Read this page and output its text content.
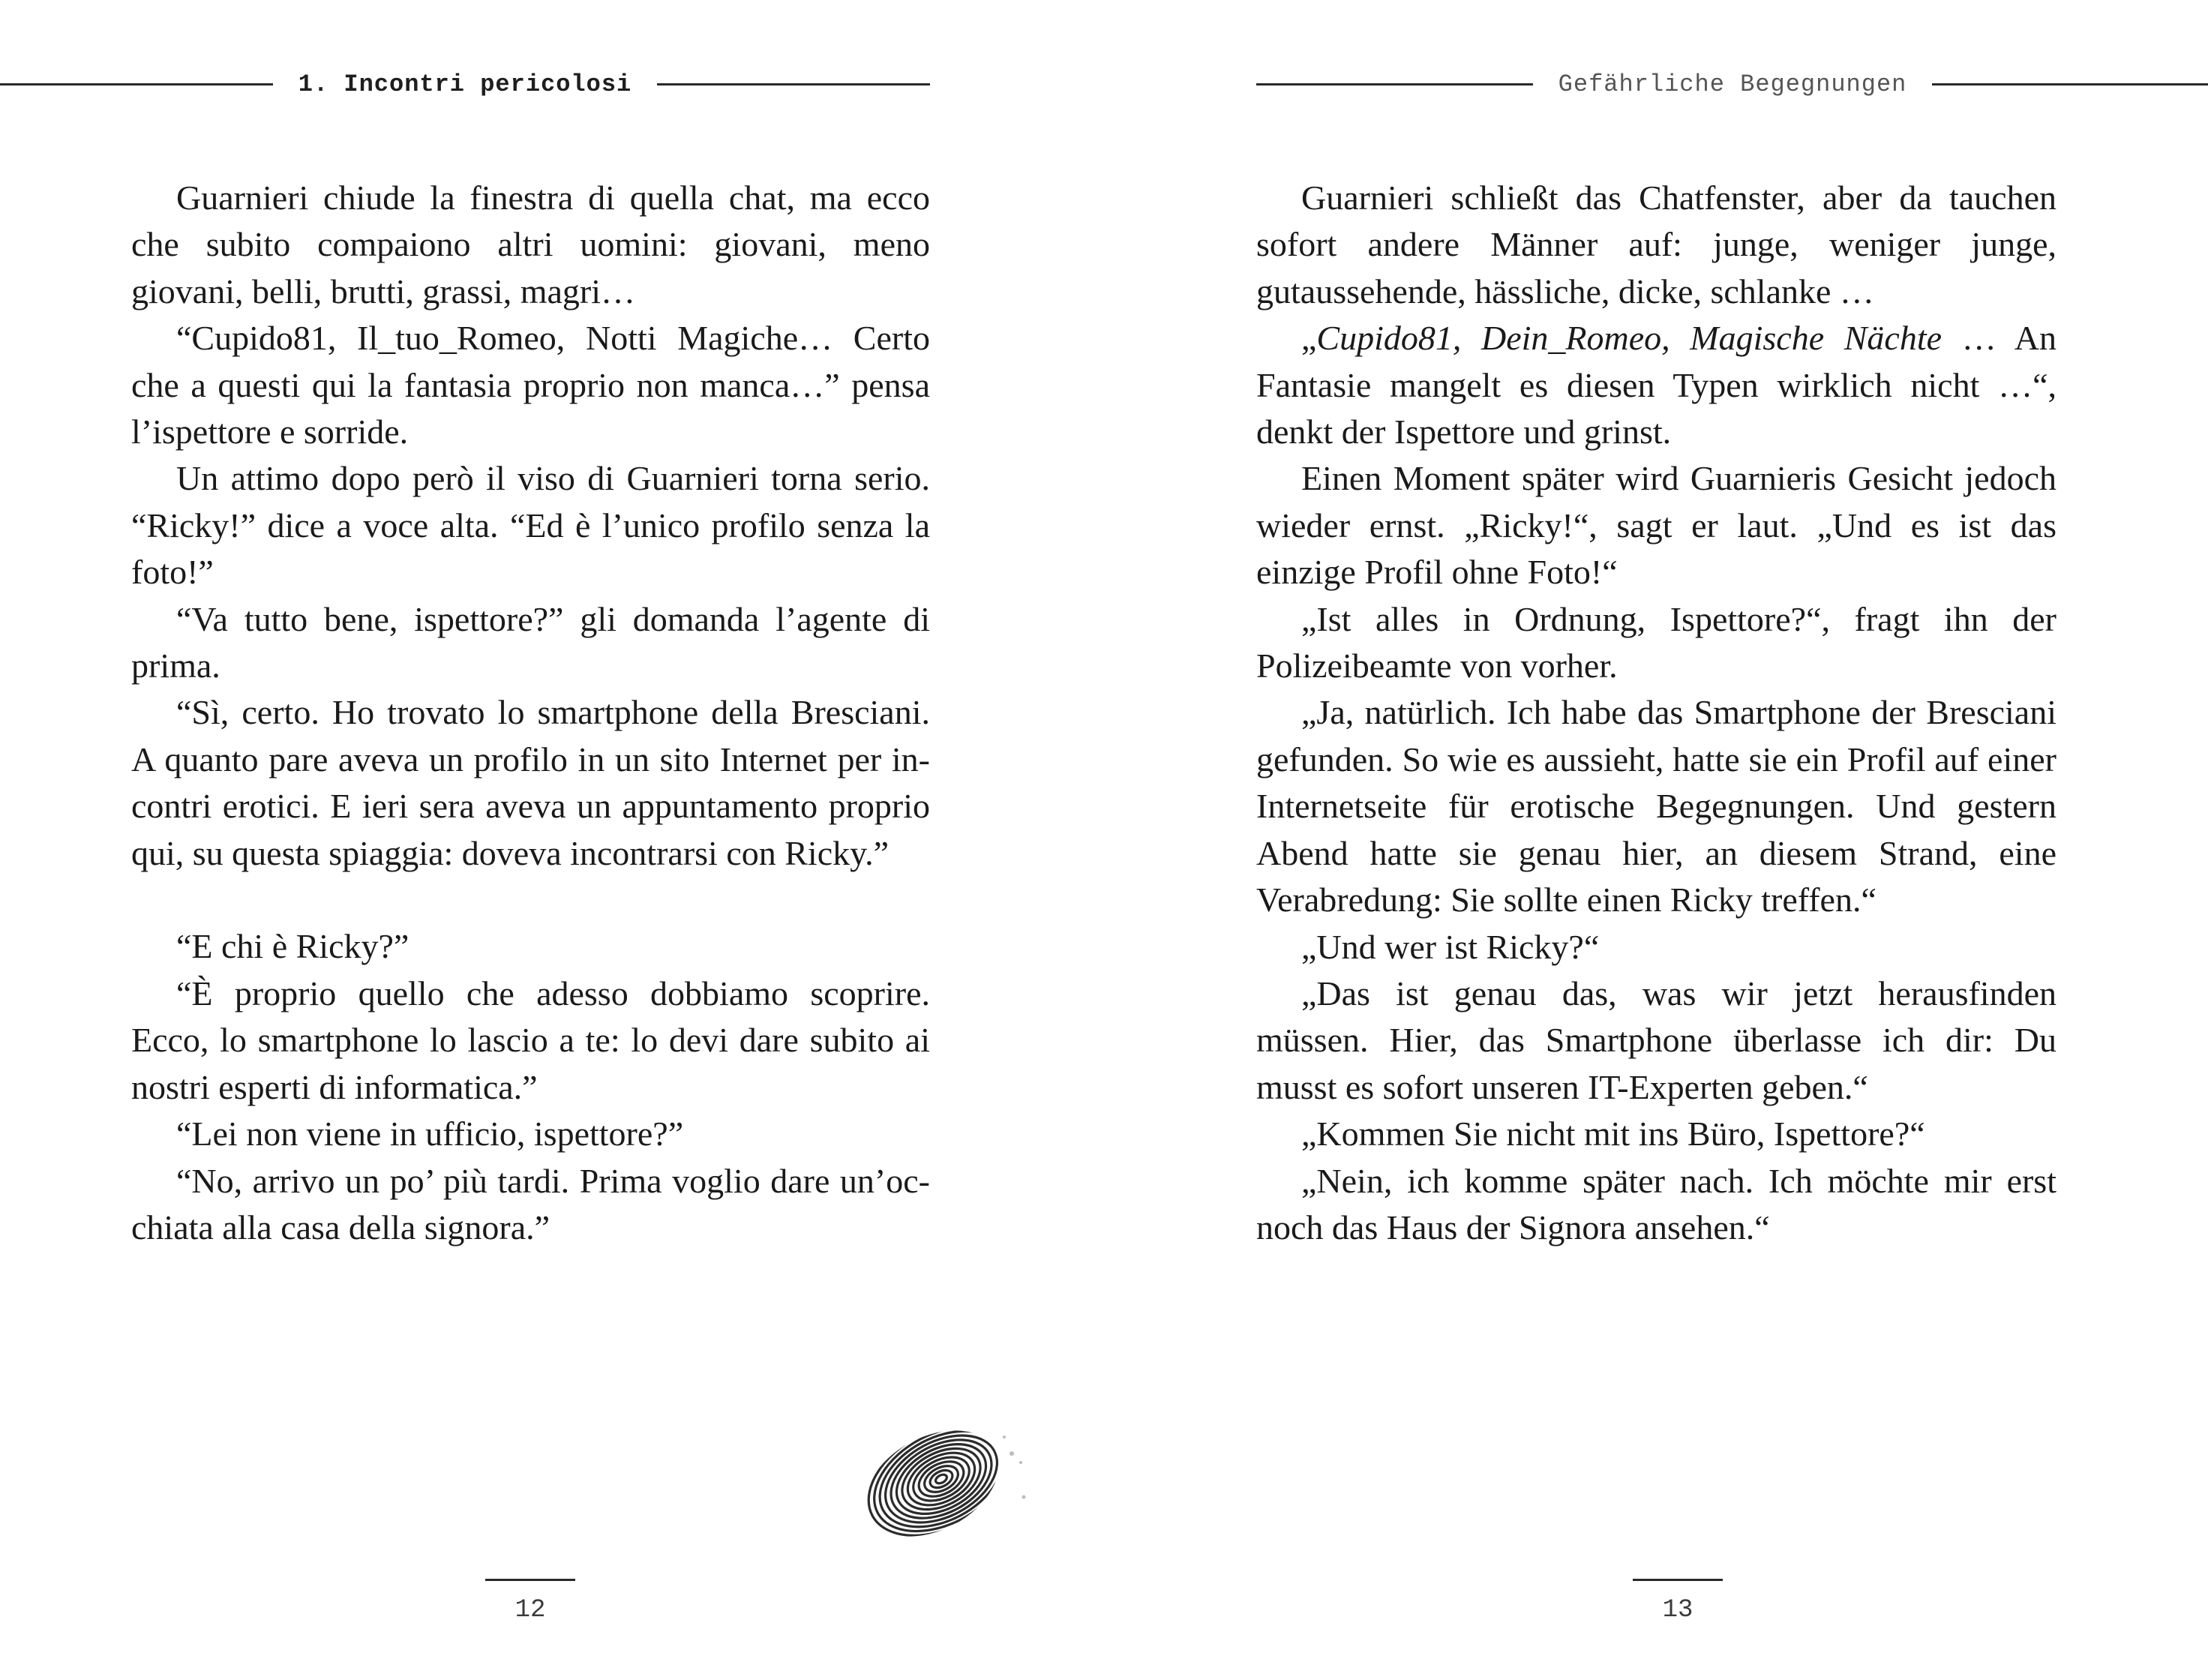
1. Incontri pericolosi

Guarnieri chiude la finestra di quella chat, ma ecco che subito compaiono altri uomini: giovani, meno giovani, belli, brutti, grassi, magri…

“Cupido81, Il_tuo_Romeo, Notti Magiche… Certo che a questi qui la fantasia proprio non manca…” pensa l’ispettore e sorride.

Un attimo dopo però il viso di Guarnieri torna serio. “Ricky!” dice a voce alta. “Ed è l’unico profilo senza la foto!”

“Va tutto bene, ispettore?” gli domanda l’agente di prima.

“Sì, certo. Ho trovato lo smartphone della Bresciani. A quanto pare aveva un profilo in un sito Internet per incontri erotici. E ieri sera aveva un appuntamento proprio qui, su questa spiaggia: doveva incontrarsi con Ricky.”

“E chi è Ricky?”

“È proprio quello che adesso dobbiamo scoprire. Ecco, lo smartphone lo lascio a te: lo devi dare subito ai nostri esperti di informatica.”

“Lei non viene in ufficio, ispettore?”

“No, arrivo un po’ più tardi. Prima voglio dare un’occhiata alla casa della signora.”

12
Gefährliche Begegnungen

Guarnieri schließt das Chatfenster, aber da tauchen sofort andere Männer auf: junge, weniger junge, gutaussehende, hässliche, dicke, schlanke …

„Cupido81, Dein_Romeo, Magische Nächte … An Fantasie mangelt es diesen Typen wirklich nicht …“, denkt der Ispettore und grinst.

Einen Moment später wird Guarnieris Gesicht jedoch wieder ernst. „Ricky!“, sagt er laut. „Und es ist das einzige Profil ohne Foto!“

„Ist alles in Ordnung, Ispettore?“, fragt ihn der Polizeibeamte von vorher.

„Ja, natürlich. Ich habe das Smartphone der Bresciani gefunden. So wie es aussieht, hatte sie ein Profil auf einer Internetseite für erotische Begegnungen. Und gestern Abend hatte sie genau hier, an diesem Strand, eine Verabredung: Sie sollte einen Ricky treffen.“

„Und wer ist Ricky?“

„Das ist genau das, was wir jetzt herausfinden müssen. Hier, das Smartphone überlasse ich dir: Du musst es sofort unseren IT-Experten geben.“

„Kommen Sie nicht mit ins Büro, Ispettore?“

„Nein, ich komme später nach. Ich möchte mir erst noch das Haus der Signora ansehen.“

13
